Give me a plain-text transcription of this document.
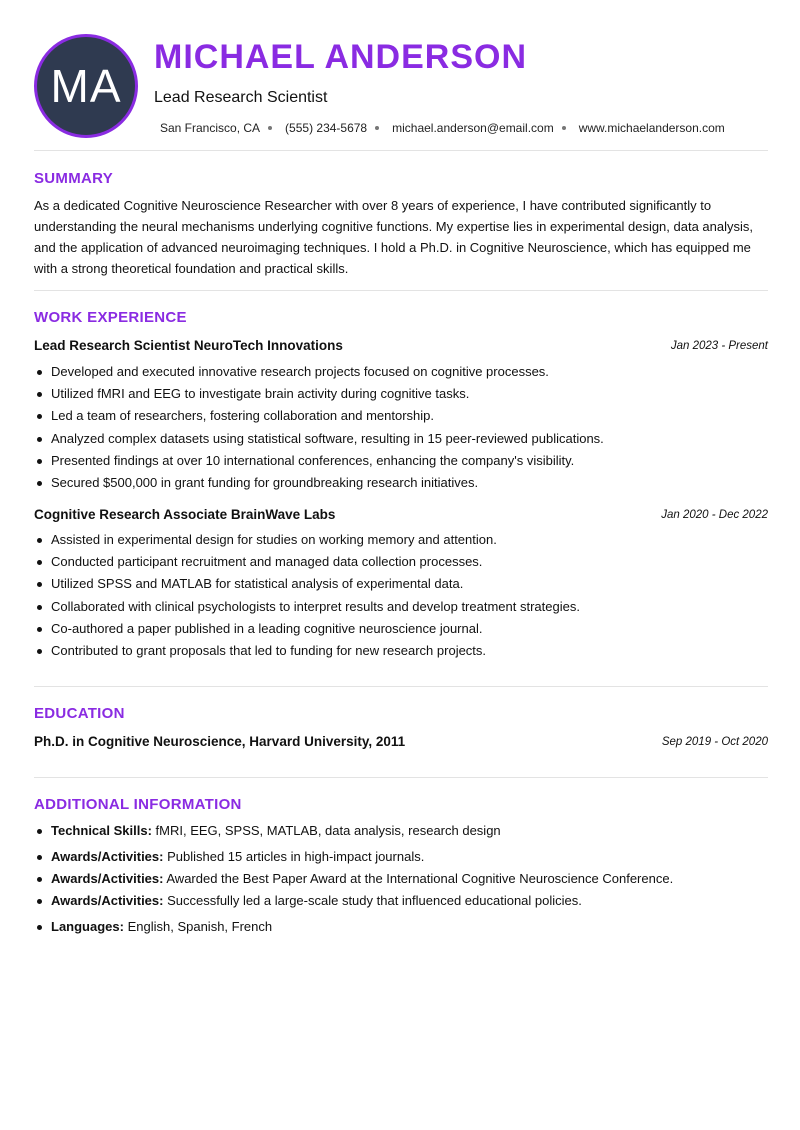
MA
MICHAEL ANDERSON
Lead Research Scientist
San Francisco, CA (555) 234-5678 michael.anderson@email.com www.michaelanderson.com
SUMMARY

As a dedicated Cognitive Neuroscience Researcher with over 8 years of experience, I have contributed significantly to understanding the neural mechanisms underlying cognitive functions. My expertise lies in experimental design, data analysis, and the application of advanced neuroimaging techniques. I hold a Ph.D. in Cognitive Neuroscience, which has equipped me with a strong theoretical foundation and practical skills.

WORK EXPERIENCE
Lead Research Scientist NeuroTech Innovations	Jan 2023 - Present
Developed and executed innovative research projects focused on cognitive processes.
Utilized fMRI and EEG to investigate brain activity during cognitive tasks.
Led a team of researchers, fostering collaboration and mentorship.
Analyzed complex datasets using statistical software, resulting in 15 peer-reviewed publications.
Presented findings at over 10 international conferences, enhancing the company's visibility.
Secured $500,000 in grant funding for groundbreaking research initiatives.
Cognitive Research Associate BrainWave Labs	Jan 2020 - Dec 2022
Assisted in experimental design for studies on working memory and attention.
Conducted participant recruitment and managed data collection processes.
Utilized SPSS and MATLAB for statistical analysis of experimental data.
Collaborated with clinical psychologists to interpret results and develop treatment strategies.
Co-authored a paper published in a leading cognitive neuroscience journal.
Contributed to grant proposals that led to funding for new research projects.
EDUCATION
Ph.D. in Cognitive Neuroscience, Harvard University, 2011	Sep 2019 - Oct 2020
ADDITIONAL INFORMATION
Technical Skills: fMRI, EEG, SPSS, MATLAB, data analysis, research design
Awards/Activities: Published 15 articles in high-impact journals.
Awards/Activities: Awarded the Best Paper Award at the International Cognitive Neuroscience Conference.
Awards/Activities: Successfully led a large-scale study that influenced educational policies.
Languages: English, Spanish, French
